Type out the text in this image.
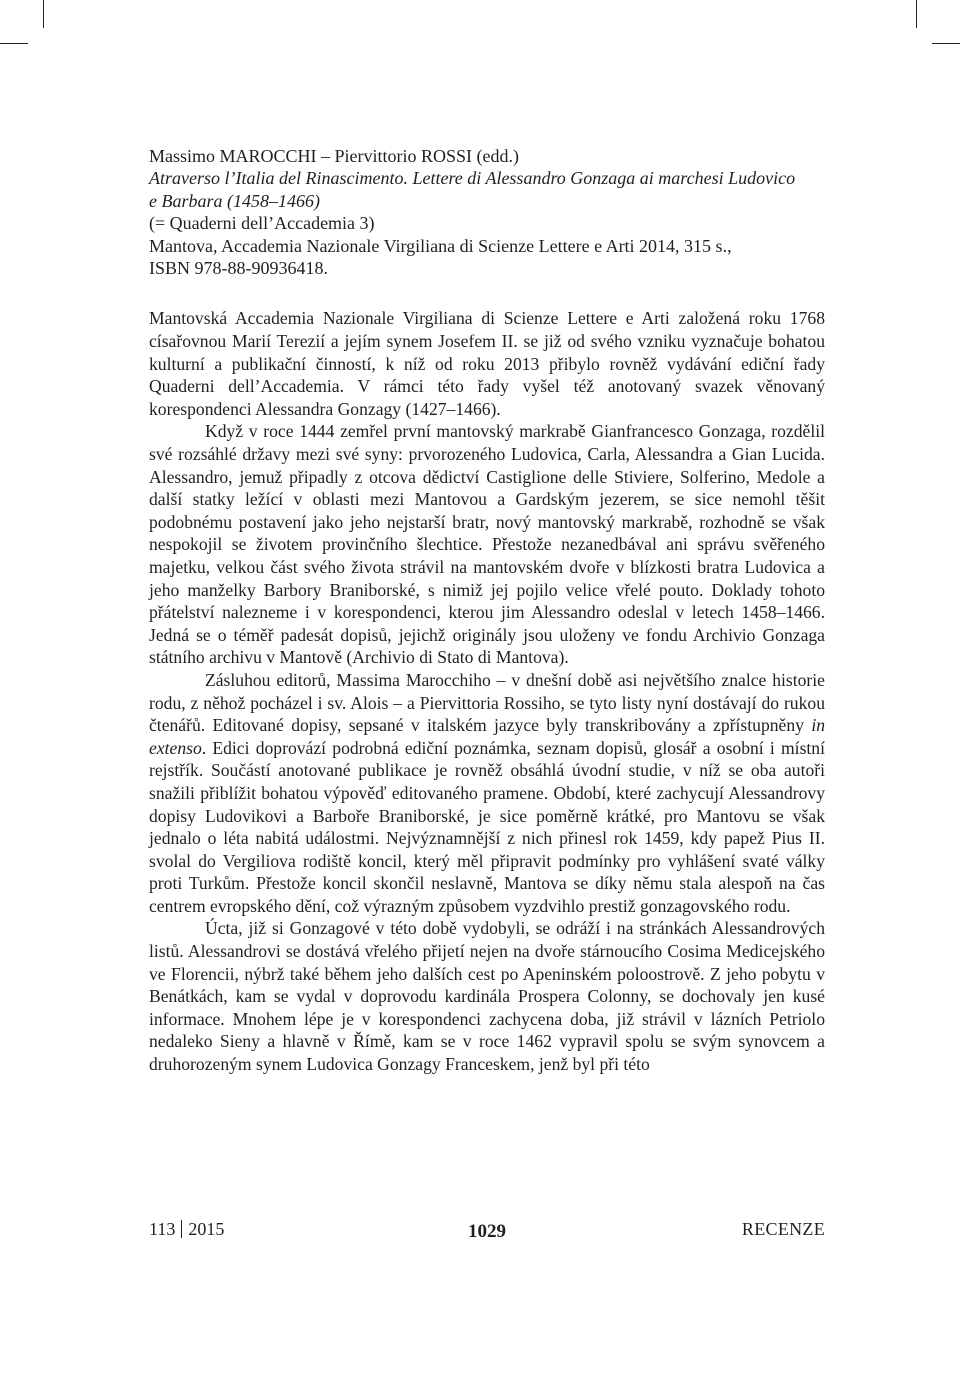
Massimo MAROCCHI – Piervittorio ROSSI (edd.)
Atraverso l’Italia del Rinascimento. Lettere di Alessandro Gonzaga ai marchesi Ludovico
e Barbara (1458–1466)
(= Quaderni dell’Accademia 3)
Mantova, Accademia Nazionale Virgiliana di Scienze Lettere e Arti 2014, 315 s.,
ISBN 978-88-90936418.

Mantovská Accademia Nazionale Virgiliana di Scienze Lettere e Arti založená roku 1768 císařovnou Marií Terezií a jejím synem Josefem II. se již od svého vzniku vyznačuje bohatou kulturní a publikační činností, k níž od roku 2013 přibylo rovněž vydávání ediční řady Quaderni dell’Accademia. V rámci této řady vyšel též anotovaný svazek věnovaný korespondenci Alessandra Gonzagy (1427–1466).

Když v roce 1444 zemřel první mantovský markrabě Gianfrancesco Gonzaga, rozdělil své rozsáhlé državy mezi své syny: prvorozeného Ludovica, Carla, Alessandra a Gian Lucida. Alessandro, jemuž připadly z otcova dědictví Castiglione delle Stiviere, Solferino, Medole a další statky ležící v oblasti mezi Mantovou a Gardským jezerem, se sice nemohl těšit podobnému postavení jako jeho nejstarší bratr, nový mantovský markrabě, rozhodně se však nespokojil se životem provinčního šlechtice. Přestože nezanedbával ani správu svěřeného majetku, velkou část svého života strávil na mantovském dvoře v blízkosti bratra Ludovica a jeho manželky Barbory Braniborské, s nimiž jej pojilo velice vřelé pouto. Doklady tohoto přátelství nalezneme i v korespondenci, kterou jim Alessandro odeslal v letech 1458–1466. Jedná se o téměř padesát dopisů, jejichž originály jsou uloženy ve fondu Archivio Gonzaga státního archivu v Mantově (Archivio di Stato di Mantova).

Zásluhou editorů, Massima Marocchiho – v dnešní době asi největšího znalce historie rodu, z něhož pocházel i sv. Alois – a Piervittoria Rossiho, se tyto listy nyní dostávají do rukou čtenářů. Editované dopisy, sepsané v italském jazyce byly transkribovány a zpřístupněny in extenso. Edici doprovází podrobná ediční poznámka, seznam dopisů, glosář a osobní i místní rejstřík. Součástí anotované publikace je rovněž obsáhlá úvodní studie, v níž se oba autoři snažili přiblížit bohatou výpověď editovaného pramene. Období, které zachycují Alessandrovy dopisy Ludovikovi a Barboře Braniborské, je sice poměrně krátké, pro Mantovu se však jednalo o léta nabitá událostmi. Nejvýznamnější z nich přinesl rok 1459, kdy papež Pius II. svolal do Vergiliova rodiště koncil, který měl připravit podmínky pro vyhlášení svaté války proti Turkům. Přestože koncil skončil neslavně, Mantova se díky němu stala alespoň na čas centrem evropského dění, což výrazným způsobem vyzdvihlo prestiž gonzagovského rodu.

Úcta, již si Gonzagové v této době vydobyli, se odráží i na stránkách Alessandrových listů. Alessandrovi se dostává vřelého přijetí nejen na dvoře stárnoucího Cosima Medicejského ve Florencii, nýbrž také během jeho dalších cest po Apeninském poloostrově. Z jeho pobytu v Benátkách, kam se vydal v doprovodu kardinála Prospera Colonny, se dochovaly jen kusé informace. Mnohem lépe je v korespondenci zachycena doba, již strávil v lázních Petriolo nedaleko Sieny a hlavně v Římě, kam se v roce 1462 vypravil spolu se svým synovcem a druhorozeným synem Ludovica Gonzagy Franceskem, jenž byl při této

113 2015	1029	RECENZE
